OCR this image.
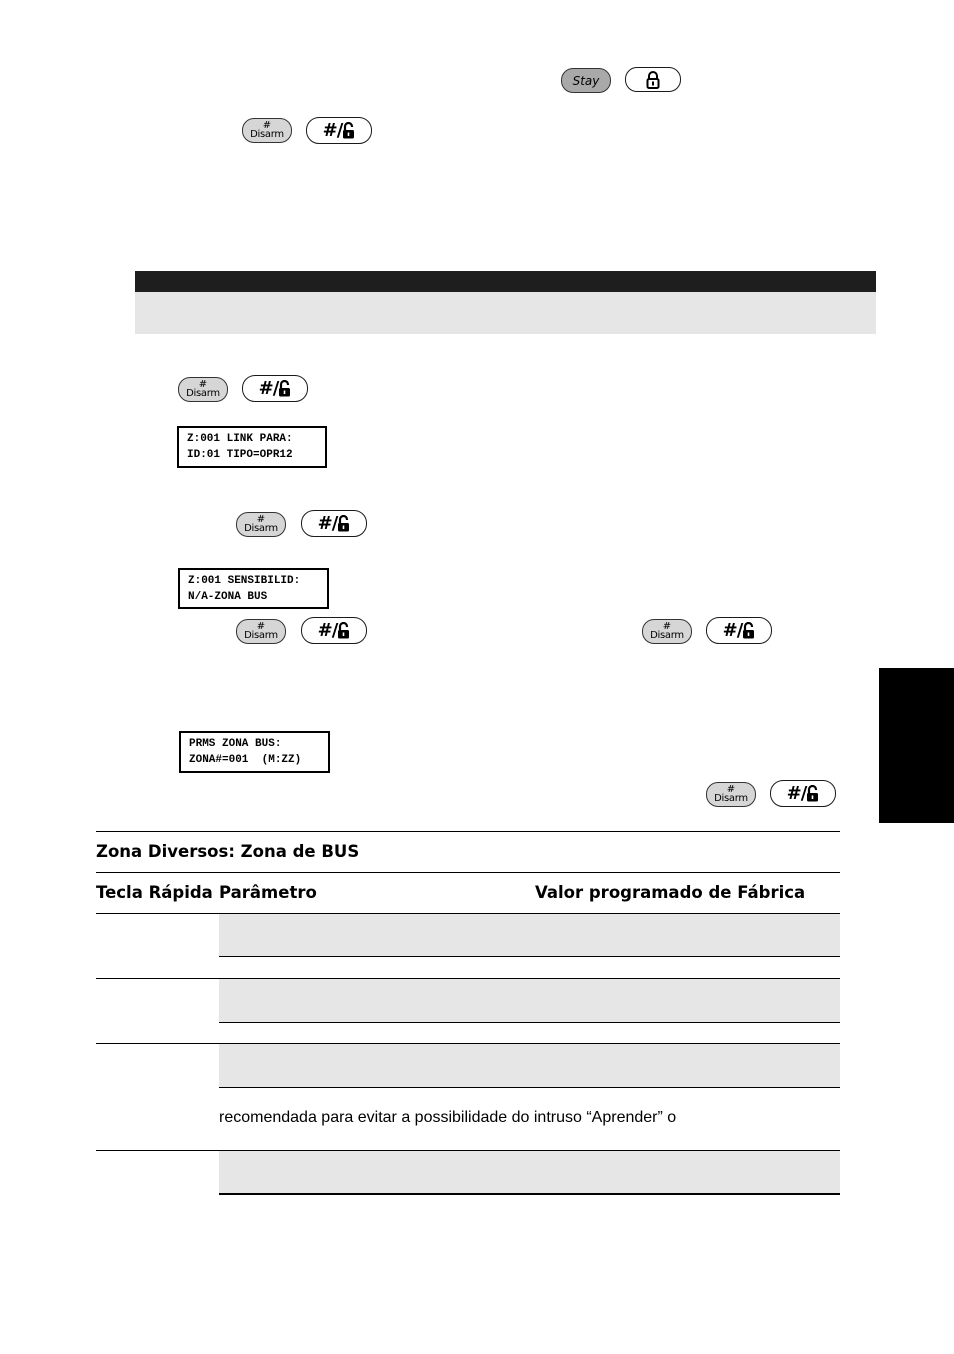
Stay
#
Disarm #/
#
Disarm #/
Z:001 LINK PARA:
ID:01 TIPO=OPR12
#
Disarm #/
Z:001 SENSIBILID:
N/A-ZONA BUS
#
Disarm #/	#
Disarm #/
PRMS ZONA BUS:
ZONA#=001  (M:ZZ)
#
Disarm #/
Zona Diversos: Zona de BUS
Tecla Rápida Parâmetro	Valor programado de Fábrica
recomendada para evitar a possibilidade do intruso “Aprender” o
